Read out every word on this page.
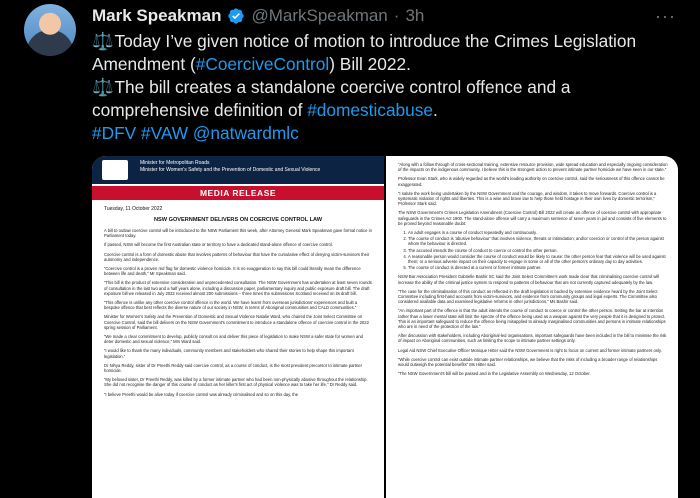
Mark Speakman @MarkSpeakman · 3h	···

⚖️ Today I’ve given notice of motion to introduce the Crimes Legislation Amendment (#CoerciveControl) Bill 2022.

⚖️ The bill creates a standalone coercive control offence and a comprehensive definition of #domesticabuse.

#DFV #VAW @natwardmlc

Minister for Metropolitan Roads
Minister for Women's Safety and the Prevention of Domestic and Sexual Violence
MEDIA RELEASE
Tuesday, 11 October 2022
NSW GOVERNMENT DELIVERS ON COERCIVE CONTROL LAW
A bill to outlaw coercive control will be introduced to the NSW Parliament this week, after Attorney General Mark Speakman gave formal notice in Parliament today.
If passed, NSW will become the first Australian state or territory to have a dedicated stand-alone offence of coercive control.
Coercive control is a form of domestic abuse that involves patterns of behaviour that have the cumulative effect of denying victim-survivors their autonomy and independence.
“Coercive control is a proven red flag for domestic violence homicide. It is no exaggeration to say this bill could literally mean the difference between life and death,” Mr Speakman said.
“This bill is the product of extensive consideration and unprecedented consultation. The NSW Government has undertaken at least seven rounds of consultation in the last two and a half years alone, including a discussion paper, parliamentary inquiry and public exposure draft bill. The draft exposure bill we released in July 2022 received almost 200 submissions – three times the submissions Scotland received on its draft bill.
“This offence is unlike any other coercive control offence in the world. We have learnt from overseas jurisdictions' experiences and built a bespoke offence that best reflects the diverse nature of our society in NSW, in terms of Aboriginal communities and CALD communities.”
Minister for Women's Safety and the Prevention of Domestic and Sexual Violence Natalie Ward, who chaired the Joint Select Committee on Coercive Control, said the bill delivers on the NSW Government's commitment to introduce a standalone offence of coercive control in the 2022 spring session of Parliament.
“We made a clear commitment to develop, publicly consult on and deliver this piece of legislation to make NSW a safer state for women and deter domestic and sexual violence,” Mrs Ward said.
“I would like to thank the many individuals, community members and stakeholders who shared their stories to help shape this important legislation.”
Dr Nihya Reddy, sister of Dr Preethi Reddy said coercive control, as a course of conduct, is the most prevalent precursor to intimate partner homicide.
“My beloved sister, Dr Preethi Reddy, was killed by a former intimate partner who had been non-physically abusive throughout the relationship. She did not recognise the danger of this course of conduct as her killer's first act of physical violence was to take her life,” Dr Reddy said.
“I believe Preethi would be alive today if coercive control was already criminalised and so on this day, the
“Along with a follow through of cross-sectional training, extensive resource provision, wide spread education and especially ongoing consideration of the impacts on the indigenous community, I believe this is the strongest action to prevent intimate partner homicide we have seen in our state.”
Professor Evan Stark, who is widely regarded as the world's leading authority on coercive control, said the seriousness of this offence cannot be exaggerated.
“I salute the work being undertaken by the NSW Government and the courage, and wisdom, it takes to move forwards. Coercive control is a systematic violation of rights and liberties. This is a wise and brave law to help those held hostage in their own lives by domestic terrorism,” Professor Stark said.
The NSW Government's Crimes Legislation Amendment (Coercive Control) Bill 2022 will create an offence of coercive control with appropriate safeguards in the Crimes Act 1900. The stand-alone offence will carry a maximum sentence of seven years in jail and consists of five elements to be proved beyond reasonable doubt:
1. An adult engages in a course of conduct repeatedly and continuously.
2. The course of conduct is 'abusive behaviour' that involves violence, threats or intimidation; and/or coercion or control of the person against whom the behaviour is directed.
3. The accused intends the course of conduct to coerce or control the other person.
4. A reasonable person would consider the course of conduct would be likely to cause: the other person fear that violence will be used against them; or a serious adverse impact on their capacity to engage in some or all of the other person's ordinary day to day activities.
5. The course of conduct is directed at a current or former intimate partner.
NSW Bar Association President Gabrielle Bashir SC said the Joint Select Committee's work made clear that criminalising coercive control will increase the ability of the criminal justice system to respond to patterns of behaviour that are not currently captured adequately by the law.
“The case for the criminalisation of this conduct as reflected in the draft legislation is backed by extensive evidence heard by the Joint Select Committee including first-hand accounts from victim-survivors, and evidence from community groups and legal experts. The Committee also considered available data and examined legislative reforms in other jurisdictions,” Ms Bashir said.
“An important part of the offence is that the adult intends the course of conduct to coerce or control the other person. Setting the bar at intention rather than a lower mental state will limit the spectre of the offence being used as a weapon against the very people that it is designed to protect. This is an important safeguard to reduce the offence being misapplied to already marginalised communities and persons in intimate relationships who are in need of the protection of the law.”
After discussion with stakeholders, including Aboriginal-led organisations, important safeguards have been included in the bill to minimise the risk of impact on Aboriginal communities, such as limiting the scope to intimate partner settings only.
Legal Aid NSW Chief Executive Officer Monique Hitter said the NSW Government is right to focus on current and former intimate partners only.
“While coercive control can exist outside intimate partner relationships, we believe that the risks of including a broader range of relationships would outweigh the potential benefits” Ms Hitter said.
“The NSW Government's bill will be passed and in the Legislative Assembly on Wednesday, 12 October.
